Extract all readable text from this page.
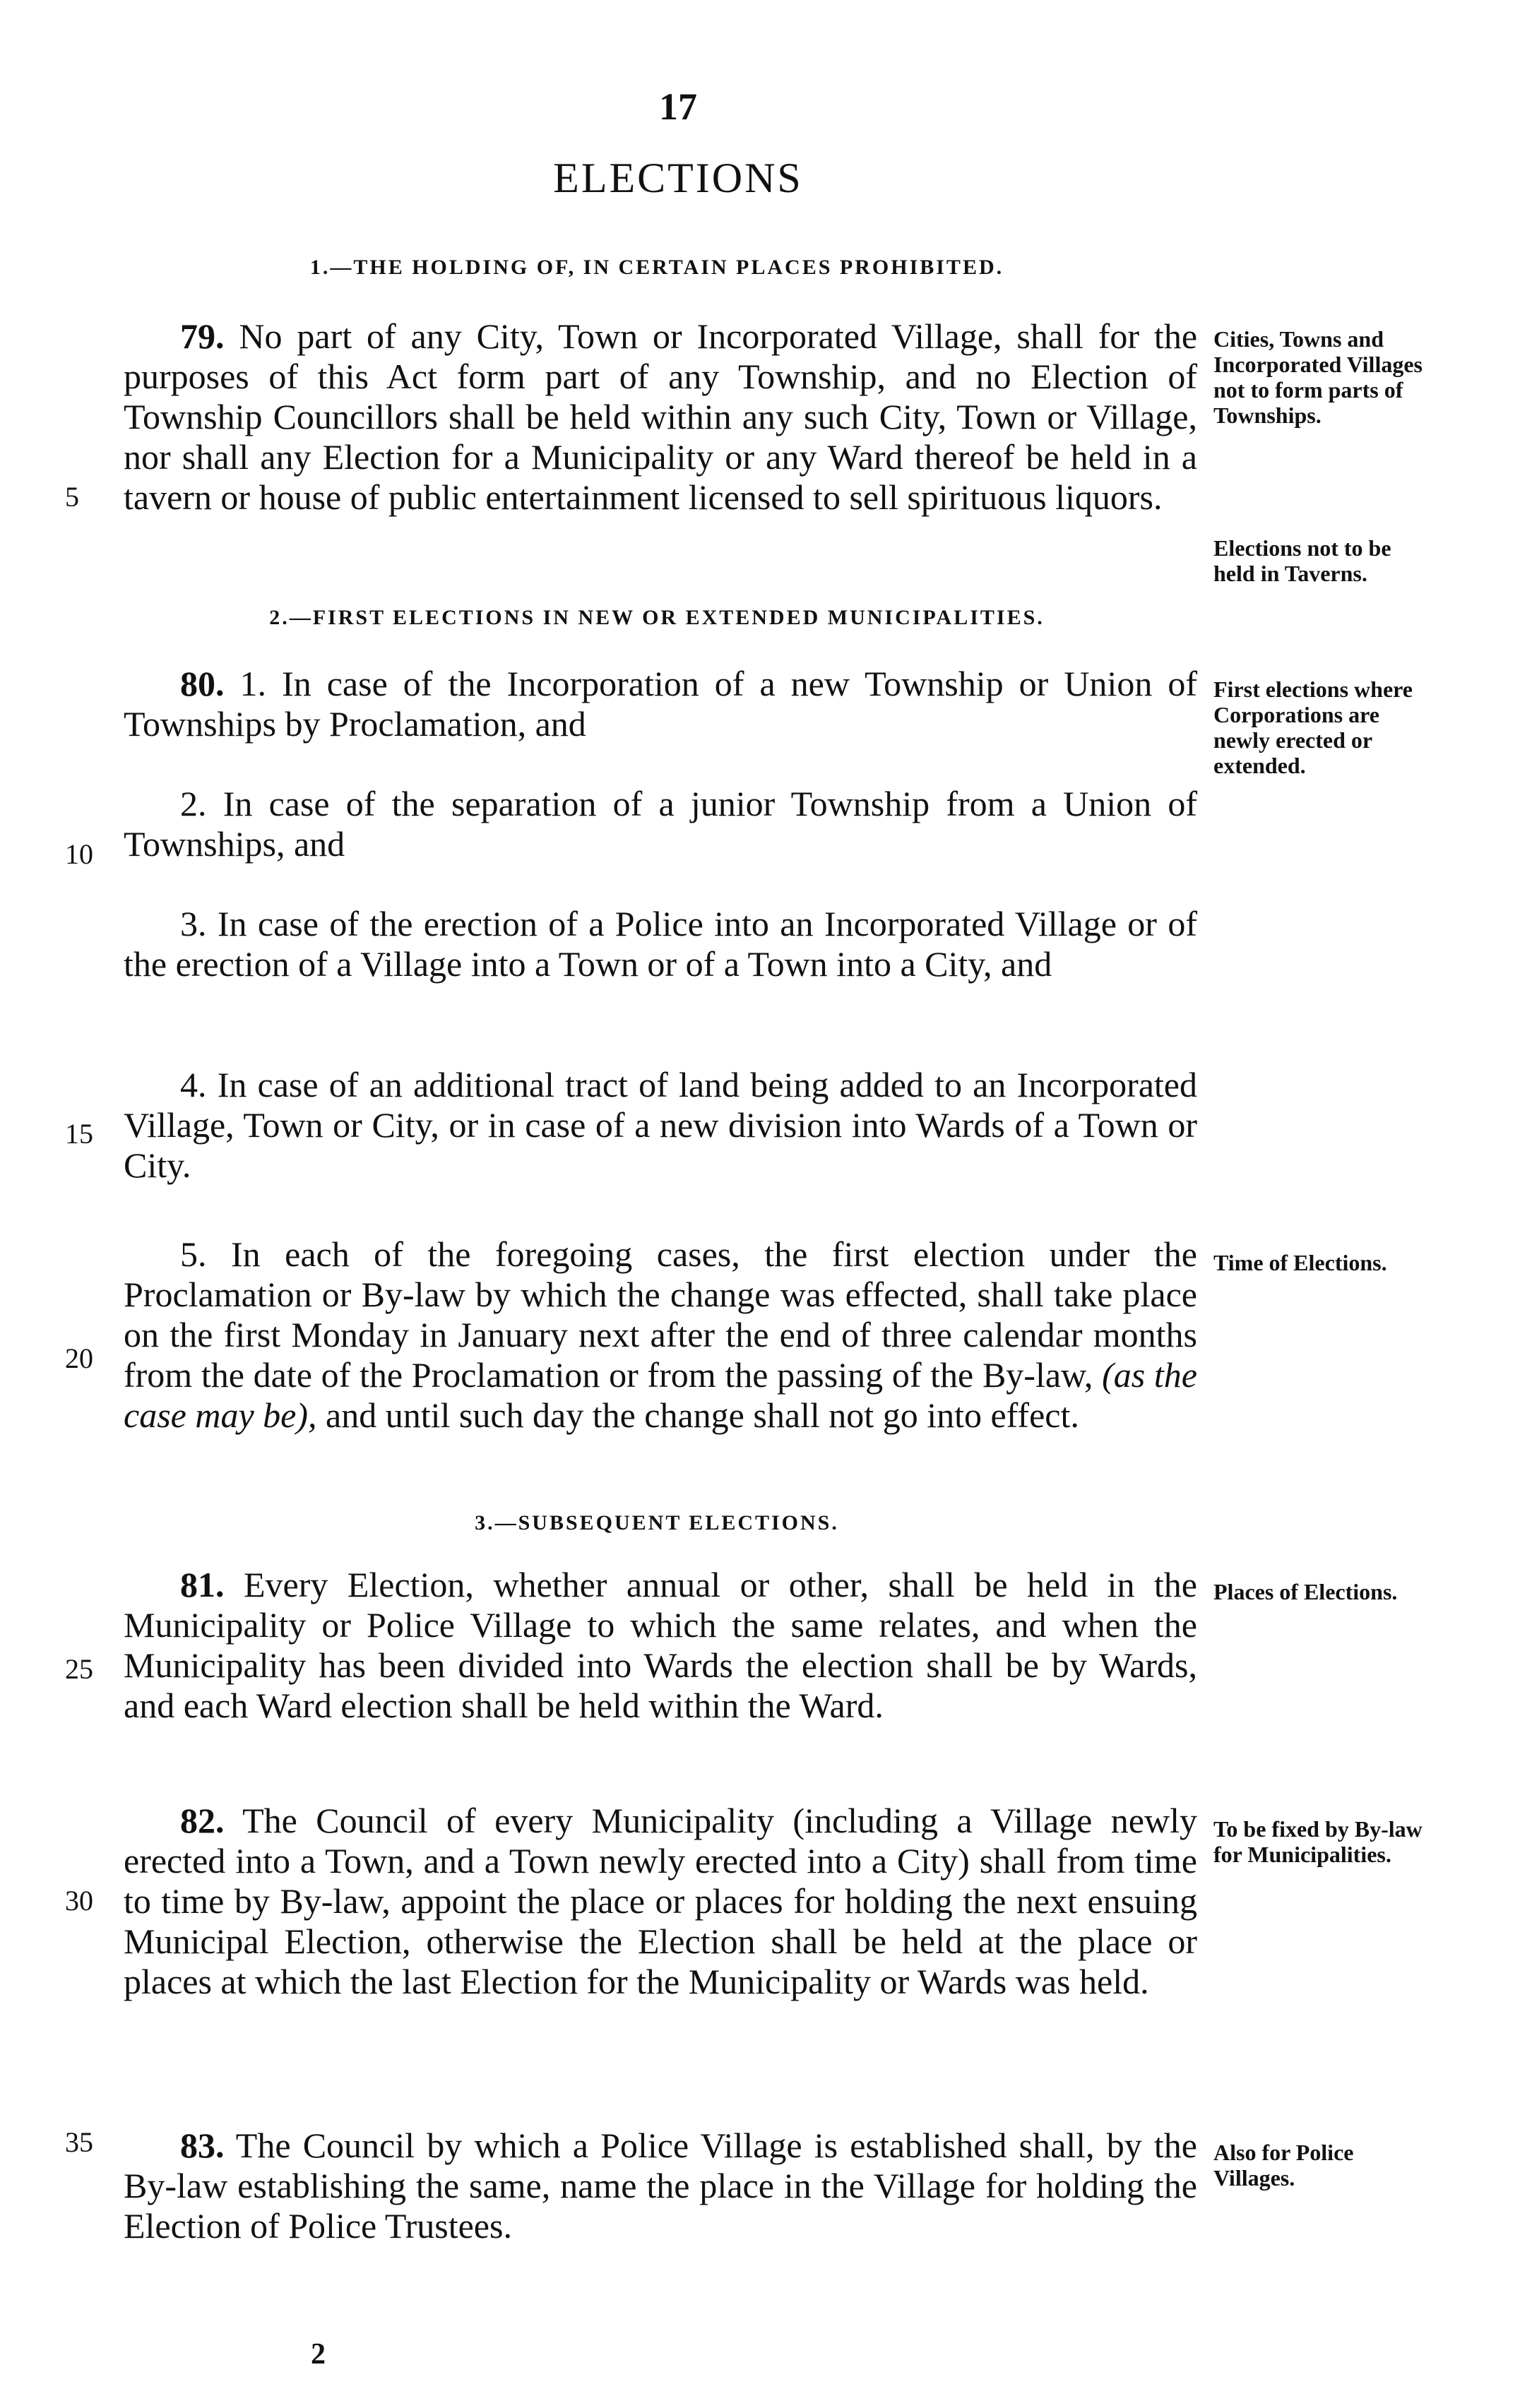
17
ELECTIONS
1.—THE HOLDING OF, IN CERTAIN PLACES PROHIBITED.

79. No part of any City, Town or Incorporated Village, shall for the purposes of this Act form part of any Township, and no Election of Township Councillors shall be held within any such City, Town or Village, nor shall any Election for a Municipality or any Ward thereof be held in a tavern or house of public entertainment licensed to sell spirituous liquors.

Cities, Towns and Incorporated Villages not to form parts of Townships.
Elections not to be held in Taverns.
5
2.—FIRST ELECTIONS IN NEW OR EXTENDED MUNICIPALITIES.

80. 1. In case of the Incorporation of a new Township or Union of Townships by Proclamation, and

First elections where Corporations are newly erected or extended.

2. In case of the separation of a junior Township from a Union of Townships, and

10

3. In case of the erection of a Police into an Incorporated Village or of the erection of a Village into a Town or of a Town into a City, and

4. In case of an additional tract of land being added to an Incorporated Village, Town or City, or in case of a new division into Wards of a Town or City.

15

5. In each of the foregoing cases, the first election under the Proclamation or By-law by which the change was effected, shall take place on the first Monday in January next after the end of three calendar months from the date of the Proclamation or from the passing of the By-law, (as the case may be), and until such day the change shall not go into effect.

Time of Elections.
20
3.—SUBSEQUENT ELECTIONS.

81. Every Election, whether annual or other, shall be held in the Municipality or Police Village to which the same relates, and when the Municipality has been divided into Wards the election shall be by Wards, and each Ward election shall be held within the Ward.

Places of Elections.
25

82. The Council of every Municipality (including a Village newly erected into a Town, and a Town newly erected into a City) shall from time to time by By-law, appoint the place or places for holding the next ensuing Municipal Election, otherwise the Election shall be held at the place or places at which the last Election for the Municipality or Wards was held.

To be fixed by By-law for Municipalities.
30

83. The Council by which a Police Village is established shall, by the By-law establishing the same, name the place in the Village for holding the Election of Police Trustees.

Also for Police Villages.
35
2
